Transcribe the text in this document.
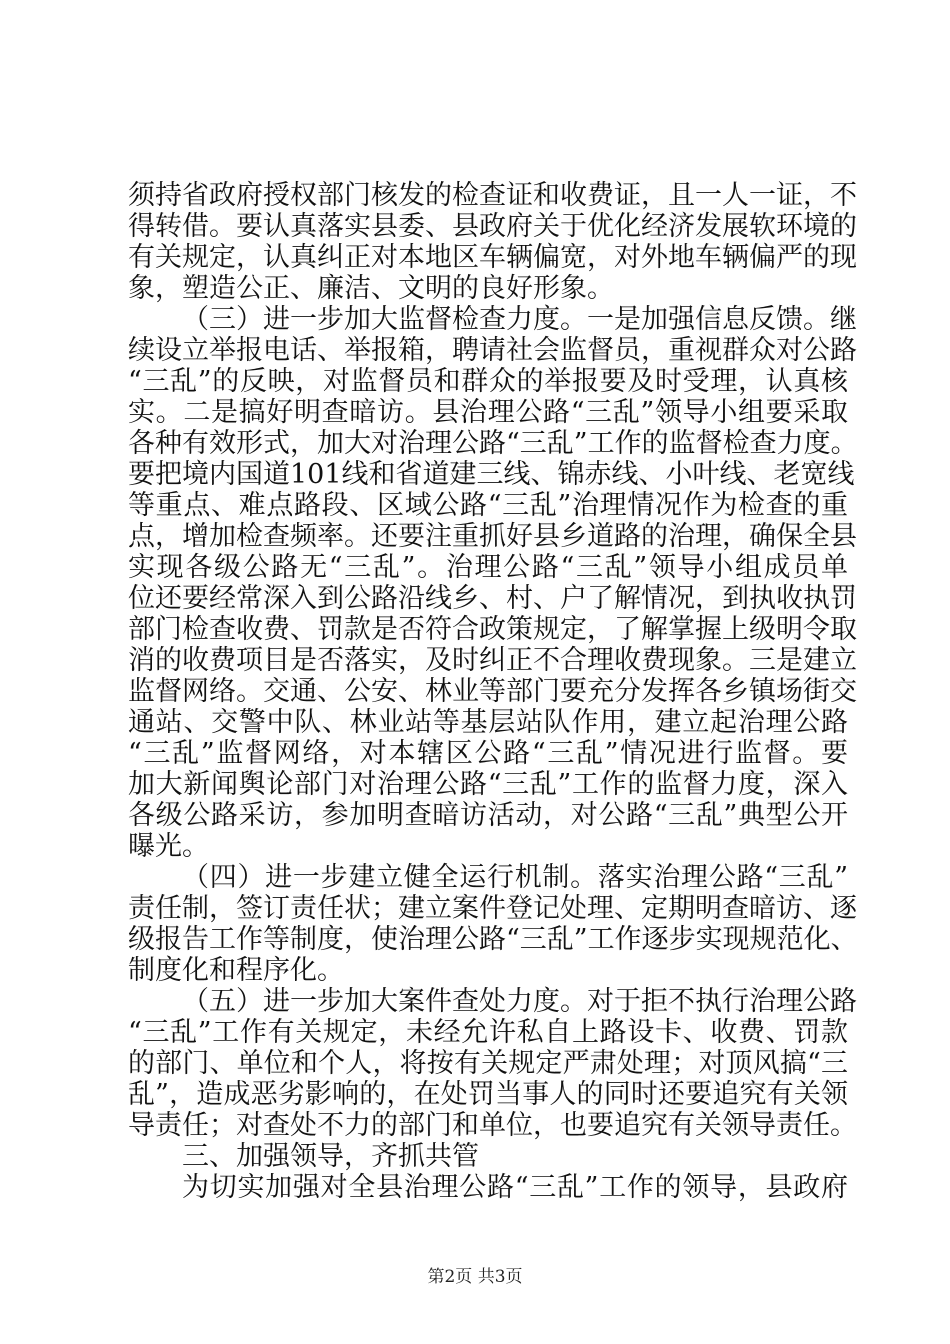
须持省政府授权部门核发的检查证和收费证，且一人一证，不
得转借。要认真落实县委、县政府关于优化经济发展软环境的
有关规定，认真纠正对本地区车辆偏宽，对外地车辆偏严的现
象，塑造公正、廉洁、文明的良好形象。
（三）进一步加大监督检查力度。一是加强信息反馈。继
续设立举报电话、举报箱，聘请社会监督员，重视群众对公路
“三乱”的反映，对监督员和群众的举报要及时受理，认真核
实。二是搞好明查暗访。县治理公路“三乱”领导小组要采取
各种有效形式，加大对治理公路“三乱”工作的监督检查力度。
要把境内国道101线和省道建三线、锦赤线、小叶线、老宽线
等重点、难点路段、区域公路“三乱”治理情况作为检查的重
点，增加检查频率。还要注重抓好县乡道路的治理，确保全县
实现各级公路无“三乱”。治理公路“三乱”领导小组成员单
位还要经常深入到公路沿线乡、村、户了解情况，到执收执罚
部门检查收费、罚款是否符合政策规定，了解掌握上级明令取
消的收费项目是否落实，及时纠正不合理收费现象。三是建立
监督网络。交通、公安、林业等部门要充分发挥各乡镇场街交
通站、交警中队、林业站等基层站队作用，建立起治理公路
“三乱”监督网络，对本辖区公路“三乱”情况进行监督。要
加大新闻舆论部门对治理公路“三乱”工作的监督力度，深入
各级公路采访，参加明查暗访活动，对公路“三乱”典型公开
曝光。
（四）进一步建立健全运行机制。落实治理公路“三乱”
责任制，签订责任状；建立案件登记处理、定期明查暗访、逐
级报告工作等制度，使治理公路“三乱”工作逐步实现规范化、
制度化和程序化。
（五）进一步加大案件查处力度。对于拒不执行治理公路
“三乱”工作有关规定，未经允许私自上路设卡、收费、罚款
的部门、单位和个人，将按有关规定严肃处理；对顶风搞“三
乱”，造成恶劣影响的，在处罚当事人的同时还要追究有关领
导责任；对查处不力的部门和单位，也要追究有关领导责任。
三、加强领导，齐抓共管
为切实加强对全县治理公路“三乱”工作的领导，县政府
第2页 共3页
